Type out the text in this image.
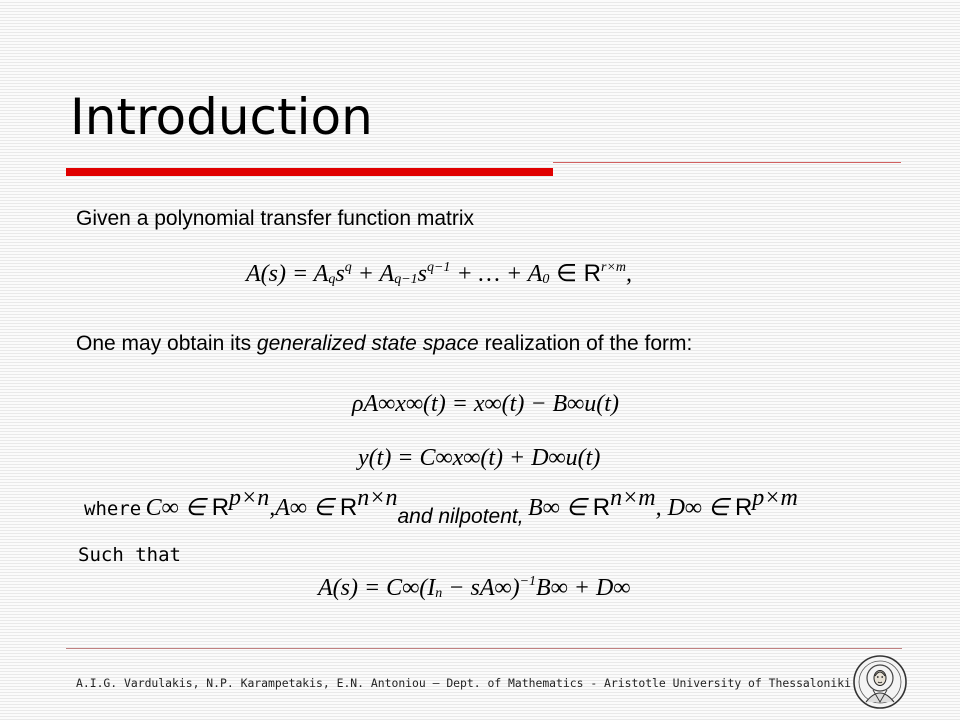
Introduction
Given a polynomial transfer function matrix
$A(s) = A_qs^q + A_{q-1}s^{q-1}$ + … + $A_0$ ∈ $R^{r\times m}$,
One may obtain its generalized state space realization of the form:
ρA∞x∞(t) = x∞(t) − B∞u(t)
y(t) = C∞x∞(t) + D∞u(t)
where C∞ ∈ $R^{p\times n},A\infty$ ∈ $R^{n\times n}and$ nilpotent, B∞ ∈ $R^{n\times m}$, D∞ ∈ $R^{p\times m}$
Such that
$A(s) = C\infty(I_n - sA\infty)^{-1}B\infty + D\infty$
A.I.G. Vardulakis, N.P. Karampetakis, E.N. Antoniou – Dept. of Mathematics - Aristotle University of Thessaloniki
